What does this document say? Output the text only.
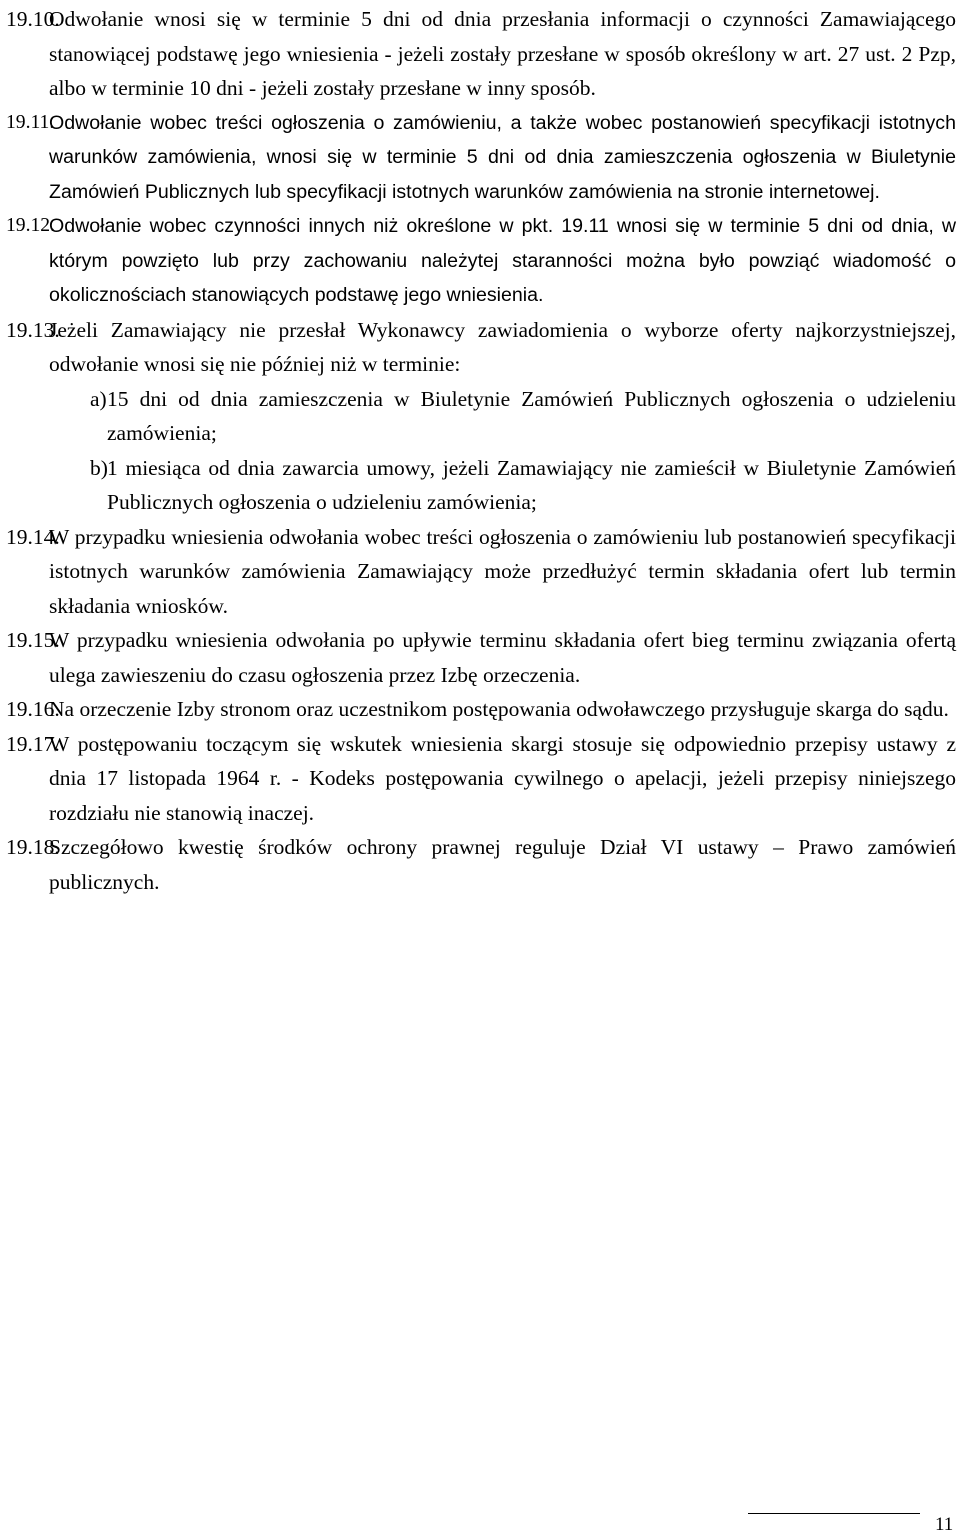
19.10.
Odwołanie wnosi się w terminie 5 dni od dnia przesłania informacji o czynności Zamawiającego stanowiącej podstawę jego wniesienia - jeżeli zostały przesłane w sposób określony w art. 27 ust. 2 Pzp, albo w terminie 10 dni - jeżeli zostały przesłane w inny sposób.

19.11.
Odwołanie wobec treści ogłoszenia o zamówieniu, a także wobec postanowień specyfikacji istotnych warunków zamówienia, wnosi się w terminie 5 dni od dnia zamieszczenia ogłoszenia w Biuletynie Zamówień Publicznych lub specyfikacji istotnych warunków zamówienia na stronie internetowej.

19.12.
Odwołanie wobec czynności innych niż określone w pkt. 19.11 wnosi się w terminie 5 dni od dnia, w którym powzięto lub przy zachowaniu należytej staranności można było powziąć wiadomość o okolicznościach stanowiących podstawę jego wniesienia.

19.13.
Jeżeli Zamawiający nie przesłał Wykonawcy zawiadomienia o wyborze oferty najkorzystniejszej, odwołanie wnosi się nie później niż w terminie:

a) 15 dni od dnia zamieszczenia w Biuletynie Zamówień Publicznych ogłoszenia o udzieleniu zamówienia;

b) 1 miesiąca od dnia zawarcia umowy, jeżeli Zamawiający nie zamieścił w Biuletynie Zamówień Publicznych ogłoszenia o udzieleniu zamówienia;

19.14.
W przypadku wniesienia odwołania wobec treści ogłoszenia o zamówieniu lub postanowień specyfikacji istotnych warunków zamówienia Zamawiający może przedłużyć termin składania ofert lub termin składania wniosków.

19.15.
W przypadku wniesienia odwołania po upływie terminu składania ofert bieg terminu związania ofertą ulega zawieszeniu do czasu ogłoszenia przez Izbę orzeczenia.

19.16.
Na orzeczenie Izby stronom oraz uczestnikom postępowania odwoławczego przysługuje skarga do sądu.

19.17.
W postępowaniu toczącym się wskutek wniesienia skargi stosuje się odpowiednio przepisy ustawy z dnia 17 listopada 1964 r. - Kodeks postępowania cywilnego o apelacji, jeżeli przepisy niniejszego rozdziału nie stanowią inaczej.

19.18.
Szczegółowo kwestię środków ochrony prawnej reguluje Dział VI ustawy – Prawo zamówień publicznych.

11
